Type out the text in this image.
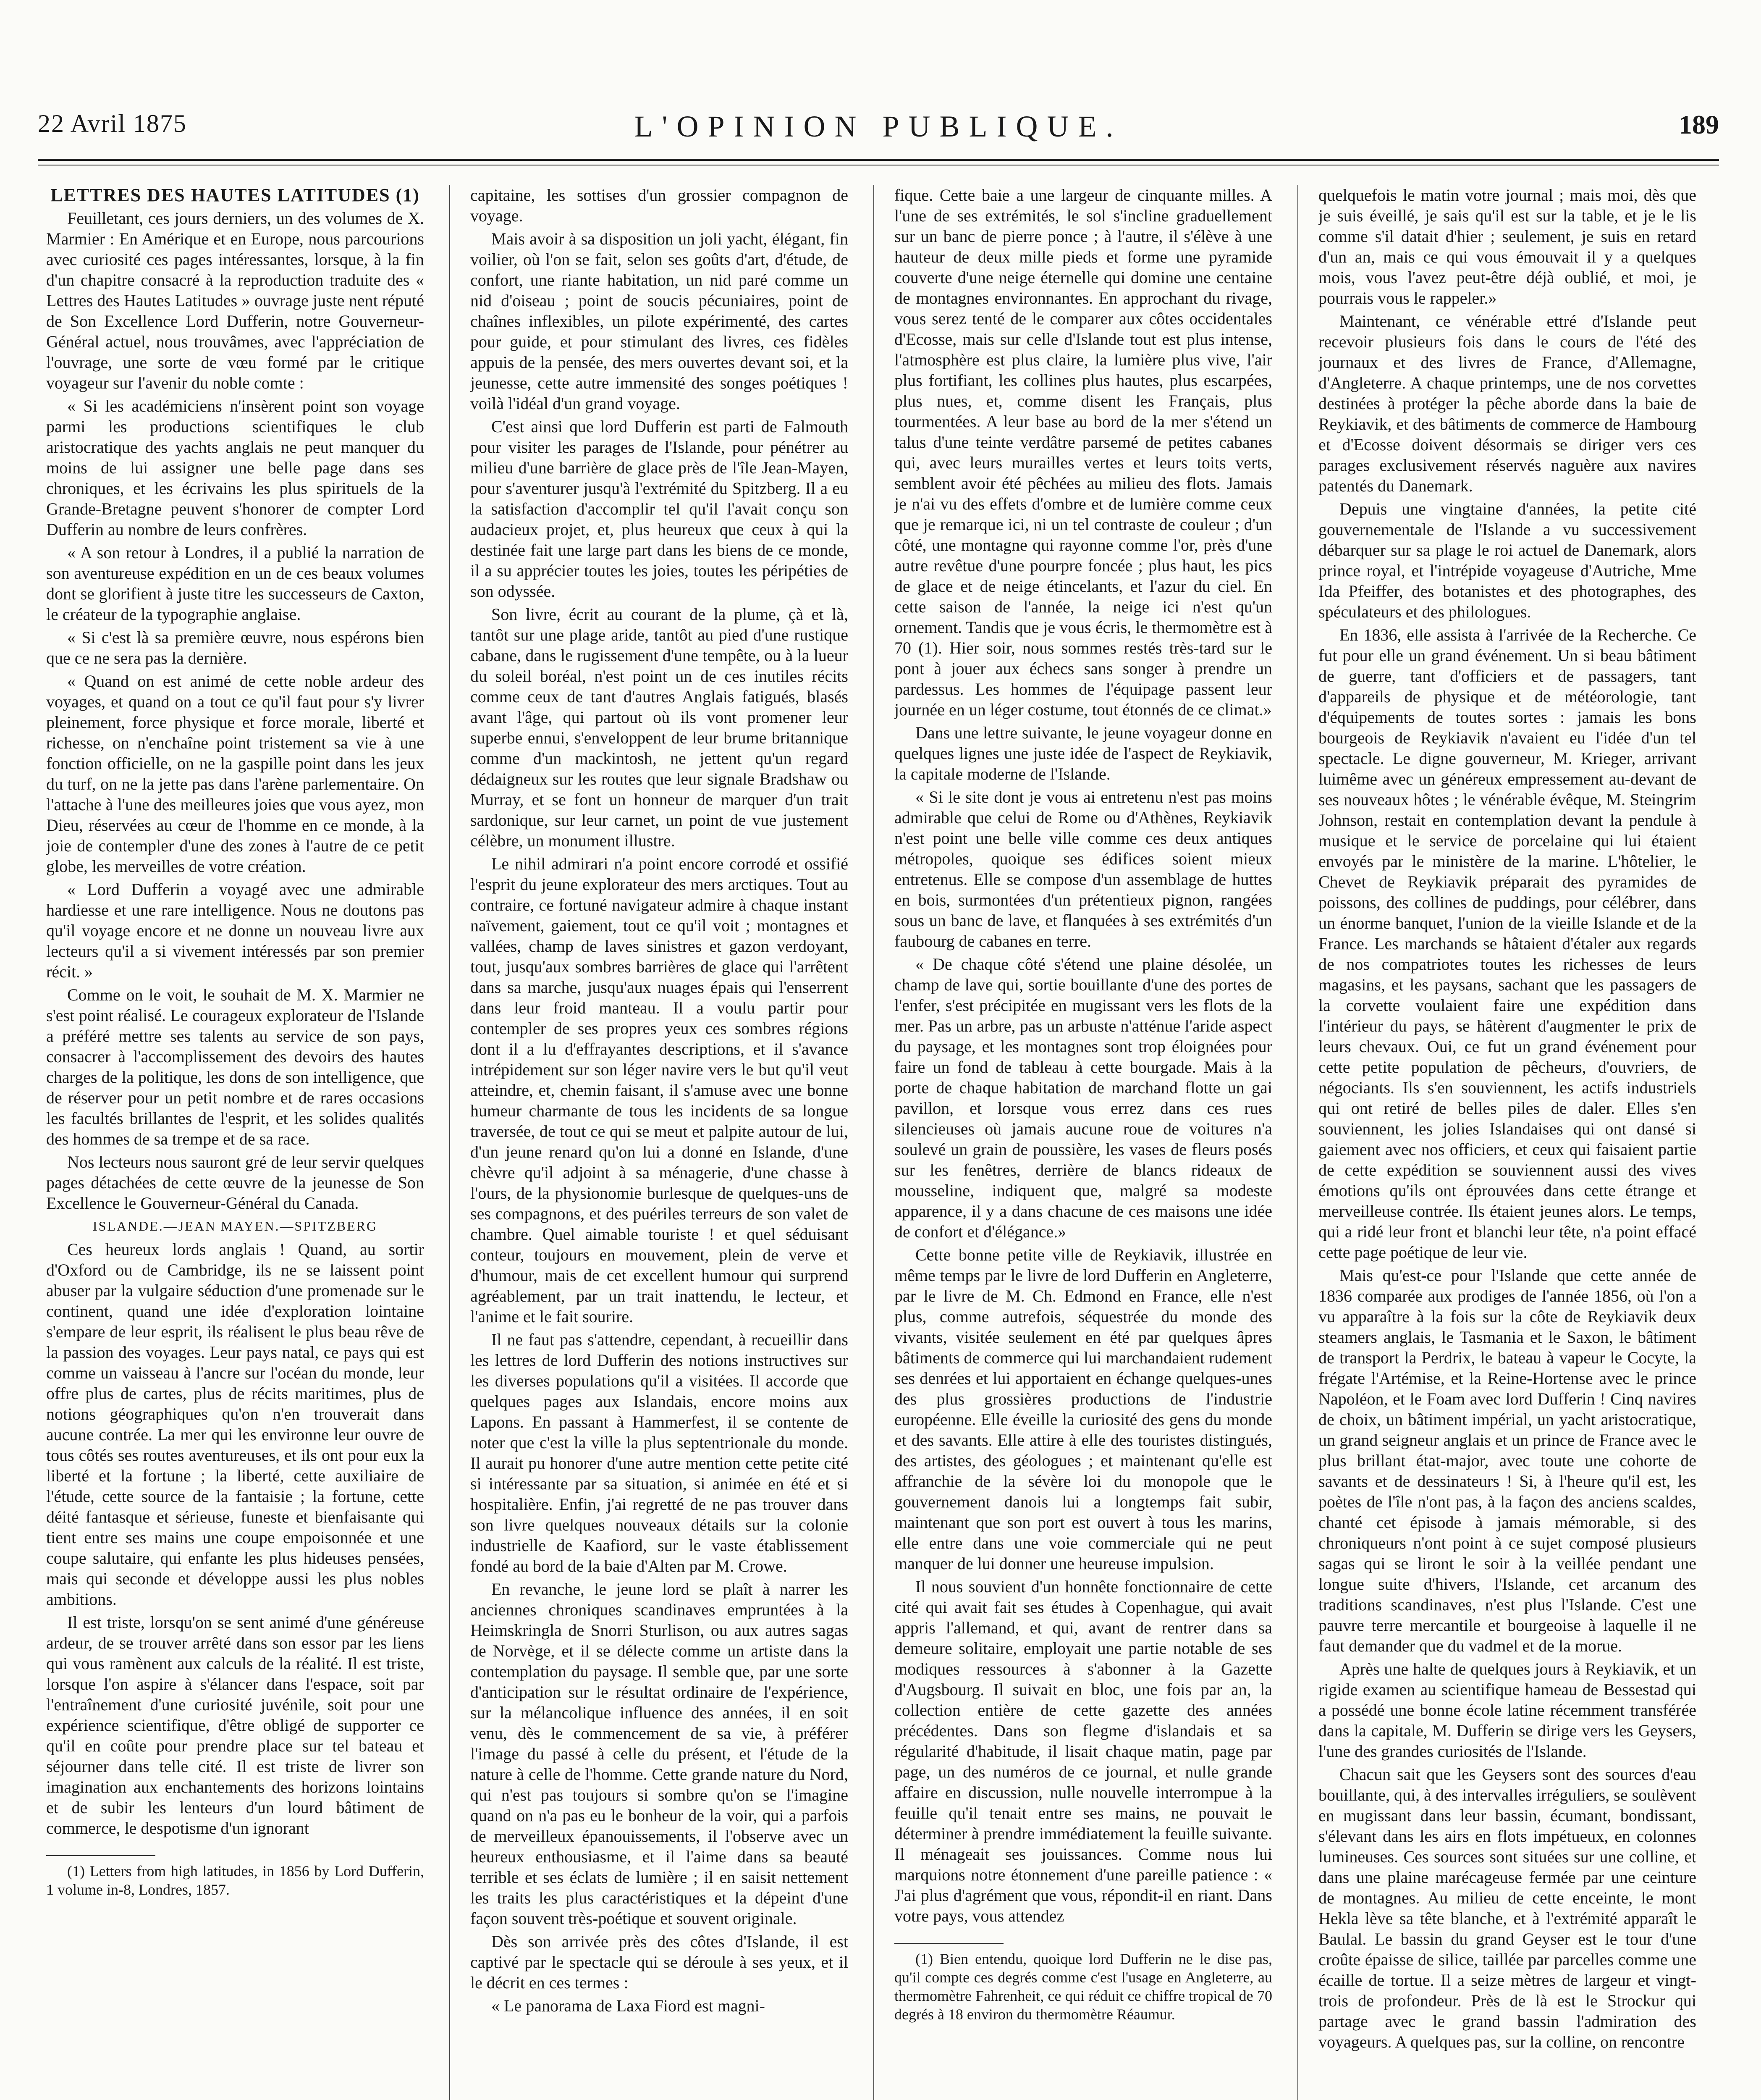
22 Avril 1875	L'OPINION PUBLIQUE.	189

LETTRES DES HAUTES LATITUDES (1)

Feuilletant, ces jours derniers, un des volumes de X. Marmier : En Amérique et en Europe, nous parcourions avec curiosité ces pages intéressantes, lorsque, à la fin d'un chapitre consacré à la reproduction traduite des « Lettres des Hautes Latitudes » ouvrage juste nent réputé de Son Excellence Lord Dufferin, notre Gouverneur-Général actuel, nous trouvâmes, avec l'appréciation de l'ouvrage, une sorte de vœu formé par le critique voyageur sur l'avenir du noble comte :

« Si les académiciens n'insèrent point son voyage parmi les productions scientifiques le club aristocratique des yachts anglais ne peut manquer du moins de lui assigner une belle page dans ses chroniques, et les écrivains les plus spirituels de la Grande-Bretagne peuvent s'honorer de compter Lord Dufferin au nombre de leurs confrères.

« A son retour à Londres, il a publié la narration de son aventureuse expédition en un de ces beaux volumes dont se glorifient à juste titre les successeurs de Caxton, le créateur de la typographie anglaise.

« Si c'est là sa première œuvre, nous espérons bien que ce ne sera pas la dernière.

« Quand on est animé de cette noble ardeur des voyages, et quand on a tout ce qu'il faut pour s'y livrer pleinement, force physique et force morale, liberté et richesse, on n'enchaîne point tristement sa vie à une fonction officielle, on ne la gaspille point dans les jeux du turf, on ne la jette pas dans l'arène parlementaire. On l'attache à l'une des meilleures joies que vous ayez, mon Dieu, réservées au cœur de l'homme en ce monde, à la joie de contempler d'une des zones à l'autre de ce petit globe, les merveilles de votre création.

« Lord Dufferin a voyagé avec une admirable hardiesse et une rare intelligence. Nous ne doutons pas qu'il voyage encore et ne donne un nouveau livre aux lecteurs qu'il a si vivement intéressés par son premier récit. »

Comme on le voit, le souhait de M. X. Marmier ne s'est point réalisé. Le courageux explorateur de l'Islande a préféré mettre ses talents au service de son pays, consacrer à l'accomplissement des devoirs des hautes charges de la politique, les dons de son intelligence, que de réserver pour un petit nombre et de rares occasions les facultés brillantes de l'esprit, et les solides qualités des hommes de sa trempe et de sa race.

Nos lecteurs nous sauront gré de leur servir quelques pages détachées de cette œuvre de la jeunesse de Son Excellence le Gouverneur-Général du Canada.

ISLANDE.—JEAN MAYEN.—SPITZBERG

Ces heureux lords anglais ! Quand, au sortir d'Oxford ou de Cambridge, ils ne se laissent point abuser par la vulgaire séduction d'une promenade sur le continent, quand une idée d'exploration lointaine s'empare de leur esprit, ils réalisent le plus beau rêve de la passion des voyages. Leur pays natal, ce pays qui est comme un vaisseau à l'ancre sur l'océan du monde, leur offre plus de cartes, plus de récits maritimes, plus de notions géographiques qu'on n'en trouverait dans aucune contrée. La mer qui les environne leur ouvre de tous côtés ses routes aventureuses, et ils ont pour eux la liberté et la fortune ; la liberté, cette auxiliaire de l'étude, cette source de la fantaisie ; la fortune, cette déité fantasque et sérieuse, funeste et bienfaisante qui tient entre ses mains une coupe empoisonnée et une coupe salutaire, qui enfante les plus hideuses pensées, mais qui seconde et développe aussi les plus nobles ambitions.

Il est triste, lorsqu'on se sent animé d'une généreuse ardeur, de se trouver arrêté dans son essor par les liens qui vous ramènent aux calculs de la réalité. Il est triste, lorsque l'on aspire à s'élancer dans l'espace, soit par l'entraînement d'une curiosité juvénile, soit pour une expérience scientifique, d'être obligé de supporter ce qu'il en coûte pour prendre place sur tel bateau et séjourner dans telle cité. Il est triste de livrer son imagination aux enchantements des horizons lointains et de subir les lenteurs d'un lourd bâtiment de commerce, le despotisme d'un ignorant

(1) Letters from high latitudes, in 1856 by Lord Dufferin, 1 volume in-8, Londres, 1857.

capitaine, les sottises d'un grossier compagnon de voyage.

Mais avoir à sa disposition un joli yacht, élégant, fin voilier, où l'on se fait, selon ses goûts d'art, d'étude, de confort, une riante habitation, un nid paré comme un nid d'oiseau ; point de soucis pécuniaires, point de chaînes inflexibles, un pilote expérimenté, des cartes pour guide, et pour stimulant des livres, ces fidèles appuis de la pensée, des mers ouvertes devant soi, et la jeunesse, cette autre immensité des songes poétiques ! voilà l'idéal d'un grand voyage.

C'est ainsi que lord Dufferin est parti de Falmouth pour visiter les parages de l'Islande, pour pénétrer au milieu d'une barrière de glace près de l'île Jean-Mayen, pour s'aventurer jusqu'à l'extrémité du Spitzberg. Il a eu la satisfaction d'accomplir tel qu'il l'avait conçu son audacieux projet, et, plus heureux que ceux à qui la destinée fait une large part dans les biens de ce monde, il a su apprécier toutes les joies, toutes les péripéties de son odyssée.

Son livre, écrit au courant de la plume, çà et là, tantôt sur une plage aride, tantôt au pied d'une rustique cabane, dans le rugissement d'une tempête, ou à la lueur du soleil boréal, n'est point un de ces inutiles récits comme ceux de tant d'autres Anglais fatigués, blasés avant l'âge, qui partout où ils vont promener leur superbe ennui, s'enveloppent de leur brume britannique comme d'un mackintosh, ne jettent qu'un regard dédaigneux sur les routes que leur signale Bradshaw ou Murray, et se font un honneur de marquer d'un trait sardonique, sur leur carnet, un point de vue justement célèbre, un monument illustre.

Le nihil admirari n'a point encore corrodé et ossifié l'esprit du jeune explorateur des mers arctiques. Tout au contraire, ce fortuné navigateur admire à chaque instant naïvement, gaiement, tout ce qu'il voit ; montagnes et vallées, champ de laves sinistres et gazon verdoyant, tout, jusqu'aux sombres barrières de glace qui l'arrêtent dans sa marche, jusqu'aux nuages épais qui l'enserrent dans leur froid manteau. Il a voulu partir pour contempler de ses propres yeux ces sombres régions dont il a lu d'effrayantes descriptions, et il s'avance intrépidement sur son léger navire vers le but qu'il veut atteindre, et, chemin faisant, il s'amuse avec une bonne humeur charmante de tous les incidents de sa longue traversée, de tout ce qui se meut et palpite autour de lui, d'un jeune renard qu'on lui a donné en Islande, d'une chèvre qu'il adjoint à sa ménagerie, d'une chasse à l'ours, de la physionomie burlesque de quelques-uns de ses compagnons, et des puériles terreurs de son valet de chambre. Quel aimable touriste ! et quel séduisant conteur, toujours en mouvement, plein de verve et d'humour, mais de cet excellent humour qui surprend agréablement, par un trait inattendu, le lecteur, et l'anime et le fait sourire.

Il ne faut pas s'attendre, cependant, à recueillir dans les lettres de lord Dufferin des notions instructives sur les diverses populations qu'il a visitées. Il accorde que quelques pages aux Islandais, encore moins aux Lapons. En passant à Hammerfest, il se contente de noter que c'est la ville la plus septentrionale du monde. Il aurait pu honorer d'une autre mention cette petite cité si intéressante par sa situation, si animée en été et si hospitalière. Enfin, j'ai regretté de ne pas trouver dans son livre quelques nouveaux détails sur la colonie industrielle de Kaafiord, sur le vaste établissement fondé au bord de la baie d'Alten par M. Crowe.

En revanche, le jeune lord se plaît à narrer les anciennes chroniques scandinaves empruntées à la Heimskringla de Snorri Sturlison, ou aux autres sagas de Norvège, et il se délecte comme un artiste dans la contemplation du paysage. Il semble que, par une sorte d'anticipation sur le résultat ordinaire de l'expérience, sur la mélancolique influence des années, il en soit venu, dès le commencement de sa vie, à préférer l'image du passé à celle du présent, et l'étude de la nature à celle de l'homme. Cette grande nature du Nord, qui n'est pas toujours si sombre qu'on se l'imagine quand on n'a pas eu le bonheur de la voir, qui a parfois de merveilleux épanouissements, il l'observe avec un heureux enthousiasme, et il l'aime dans sa beauté terrible et ses éclats de lumière ; il en saisit nettement les traits les plus caractéristiques et la dépeint d'une façon souvent très-poétique et souvent originale.

Dès son arrivée près des côtes d'Islande, il est captivé par le spectacle qui se déroule à ses yeux, et il le décrit en ces termes :

« Le panorama de Laxa Fiord est magni-

fique. Cette baie a une largeur de cinquante milles. A l'une de ses extrémités, le sol s'incline graduellement sur un banc de pierre ponce ; à l'autre, il s'élève à une hauteur de deux mille pieds et forme une pyramide couverte d'une neige éternelle qui domine une centaine de montagnes environnantes. En approchant du rivage, vous serez tenté de le comparer aux côtes occidentales d'Ecosse, mais sur celle d'Islande tout est plus intense, l'atmosphère est plus claire, la lumière plus vive, l'air plus fortifiant, les collines plus hautes, plus escarpées, plus nues, et, comme disent les Français, plus tourmentées. A leur base au bord de la mer s'étend un talus d'une teinte verdâtre parsemé de petites cabanes qui, avec leurs murailles vertes et leurs toits verts, semblent avoir été pêchées au milieu des flots. Jamais je n'ai vu des effets d'ombre et de lumière comme ceux que je remarque ici, ni un tel contraste de couleur ; d'un côté, une montagne qui rayonne comme l'or, près d'une autre revêtue d'une pourpre foncée ; plus haut, les pics de glace et de neige étincelants, et l'azur du ciel. En cette saison de l'année, la neige ici n'est qu'un ornement. Tandis que je vous écris, le thermomètre est à 70 (1). Hier soir, nous sommes restés très-tard sur le pont à jouer aux échecs sans songer à prendre un pardessus. Les hommes de l'équipage passent leur journée en un léger costume, tout étonnés de ce climat.»

Dans une lettre suivante, le jeune voyageur donne en quelques lignes une juste idée de l'aspect de Reykiavik, la capitale moderne de l'Islande.

« Si le site dont je vous ai entretenu n'est pas moins admirable que celui de Rome ou d'Athènes, Reykiavik n'est point une belle ville comme ces deux antiques métropoles, quoique ses édifices soient mieux entretenus. Elle se compose d'un assemblage de huttes en bois, surmontées d'un prétentieux pignon, rangées sous un banc de lave, et flanquées à ses extrémités d'un faubourg de cabanes en terre.

« De chaque côté s'étend une plaine désolée, un champ de lave qui, sortie bouillante d'une des portes de l'enfer, s'est précipitée en mugissant vers les flots de la mer. Pas un arbre, pas un arbuste n'atténue l'aride aspect du paysage, et les montagnes sont trop éloignées pour faire un fond de tableau à cette bourgade. Mais à la porte de chaque habitation de marchand flotte un gai pavillon, et lorsque vous errez dans ces rues silencieuses où jamais aucune roue de voitures n'a soulevé un grain de poussière, les vases de fleurs posés sur les fenêtres, derrière de blancs rideaux de mousseline, indiquent que, malgré sa modeste apparence, il y a dans chacune de ces maisons une idée de confort et d'élégance.»

Cette bonne petite ville de Reykiavik, illustrée en même temps par le livre de lord Dufferin en Angleterre, par le livre de M. Ch. Edmond en France, elle n'est plus, comme autrefois, séquestrée du monde des vivants, visitée seulement en été par quelques âpres bâtiments de commerce qui lui marchandaient rudement ses denrées et lui apportaient en échange quelques-unes des plus grossières productions de l'industrie européenne. Elle éveille la curiosité des gens du monde et des savants. Elle attire à elle des touristes distingués, des artistes, des géologues ; et maintenant qu'elle est affranchie de la sévère loi du monopole que le gouvernement danois lui a longtemps fait subir, maintenant que son port est ouvert à tous les marins, elle entre dans une voie commerciale qui ne peut manquer de lui donner une heureuse impulsion.

Il nous souvient d'un honnête fonctionnaire de cette cité qui avait fait ses études à Copenhague, qui avait appris l'allemand, et qui, avant de rentrer dans sa demeure solitaire, employait une partie notable de ses modiques ressources à s'abonner à la Gazette d'Augsbourg. Il suivait en bloc, une fois par an, la collection entière de cette gazette des années précédentes. Dans son flegme d'islandais et sa régularité d'habitude, il lisait chaque matin, page par page, un des numéros de ce journal, et nulle grande affaire en discussion, nulle nouvelle interrompue à la feuille qu'il tenait entre ses mains, ne pouvait le déterminer à prendre immédiatement la feuille suivante. Il ménageait ses jouissances. Comme nous lui marquions notre étonnement d'une pareille patience : « J'ai plus d'agrément que vous, répondit-il en riant. Dans votre pays, vous attendez

(1) Bien entendu, quoique lord Dufferin ne le dise pas, qu'il compte ces degrés comme c'est l'usage en Angleterre, au thermomètre Fahrenheit, ce qui réduit ce chiffre tropical de 70 degrés à 18 environ du thermomètre Réaumur.

quelquefois le matin votre journal ; mais moi, dès que je suis éveillé, je sais qu'il est sur la table, et je le lis comme s'il datait d'hier ; seulement, je suis en retard d'un an, mais ce qui vous émouvait il y a quelques mois, vous l'avez peut-être déjà oublié, et moi, je pourrais vous le rappeler.»

Maintenant, ce vénérable ettré d'Islande peut recevoir plusieurs fois dans le cours de l'été des journaux et des livres de France, d'Allemagne, d'Angleterre. A chaque printemps, une de nos corvettes destinées à protéger la pêche aborde dans la baie de Reykiavik, et des bâtiments de commerce de Hambourg et d'Ecosse doivent désormais se diriger vers ces parages exclusivement réservés naguère aux navires patentés du Danemark.

Depuis une vingtaine d'années, la petite cité gouvernementale de l'Islande a vu successivement débarquer sur sa plage le roi actuel de Danemark, alors prince royal, et l'intrépide voyageuse d'Autriche, Mme Ida Pfeiffer, des botanistes et des photographes, des spéculateurs et des philologues.

En 1836, elle assista à l'arrivée de la Recherche. Ce fut pour elle un grand événement. Un si beau bâtiment de guerre, tant d'officiers et de passagers, tant d'appareils de physique et de météorologie, tant d'équipements de toutes sortes : jamais les bons bourgeois de Reykiavik n'avaient eu l'idée d'un tel spectacle. Le digne gouverneur, M. Krieger, arrivant luimême avec un généreux empressement au-devant de ses nouveaux hôtes ; le vénérable évêque, M. Steingrim Johnson, restait en contemplation devant la pendule à musique et le service de porcelaine qui lui étaient envoyés par le ministère de la marine. L'hôtelier, le Chevet de Reykiavik préparait des pyramides de poissons, des collines de puddings, pour célébrer, dans un énorme banquet, l'union de la vieille Islande et de la France. Les marchands se hâtaient d'étaler aux regards de nos compatriotes toutes les richesses de leurs magasins, et les paysans, sachant que les passagers de la corvette voulaient faire une expédition dans l'intérieur du pays, se hâtèrent d'augmenter le prix de leurs chevaux. Oui, ce fut un grand événement pour cette petite population de pêcheurs, d'ouvriers, de négociants. Ils s'en souviennent, les actifs industriels qui ont retiré de belles piles de daler. Elles s'en souviennent, les jolies Islandaises qui ont dansé si gaiement avec nos officiers, et ceux qui faisaient partie de cette expédition se souviennent aussi des vives émotions qu'ils ont éprouvées dans cette étrange et merveilleuse contrée. Ils étaient jeunes alors. Le temps, qui a ridé leur front et blanchi leur tête, n'a point effacé cette page poétique de leur vie.

Mais qu'est-ce pour l'Islande que cette année de 1836 comparée aux prodiges de l'année 1856, où l'on a vu apparaître à la fois sur la côte de Reykiavik deux steamers anglais, le Tasmania et le Saxon, le bâtiment de transport la Perdrix, le bateau à vapeur le Cocyte, la frégate l'Artémise, et la Reine-Hortense avec le prince Napoléon, et le Foam avec lord Dufferin ! Cinq navires de choix, un bâtiment impérial, un yacht aristocratique, un grand seigneur anglais et un prince de France avec le plus brillant état-major, avec toute une cohorte de savants et de dessinateurs ! Si, à l'heure qu'il est, les poètes de l'île n'ont pas, à la façon des anciens scaldes, chanté cet épisode à jamais mémorable, si des chroniqueurs n'ont point à ce sujet composé plusieurs sagas qui se liront le soir à la veillée pendant une longue suite d'hivers, l'Islande, cet arcanum des traditions scandinaves, n'est plus l'Islande. C'est une pauvre terre mercantile et bourgeoise à laquelle il ne faut demander que du vadmel et de la morue.

Après une halte de quelques jours à Reykiavik, et un rigide examen au scientifique hameau de Bessestad qui a possédé une bonne école latine récemment transférée dans la capitale, M. Dufferin se dirige vers les Geysers, l'une des grandes curiosités de l'Islande.

Chacun sait que les Geysers sont des sources d'eau bouillante, qui, à des intervalles irréguliers, se soulèvent en mugissant dans leur bassin, écumant, bondissant, s'élevant dans les airs en flots impétueux, en colonnes lumineuses. Ces sources sont situées sur une colline, et dans une plaine marécageuse fermée par une ceinture de montagnes. Au milieu de cette enceinte, le mont Hekla lève sa tête blanche, et à l'extrémité apparaît le Baulal. Le bassin du grand Geyser est le tour d'une croûte épaisse de silice, taillée par parcelles comme une écaille de tortue. Il a seize mètres de largeur et vingt-trois de profondeur. Près de là est le Strockur qui partage avec le grand bassin l'admiration des voyageurs. A quelques pas, sur la colline, on rencontre
